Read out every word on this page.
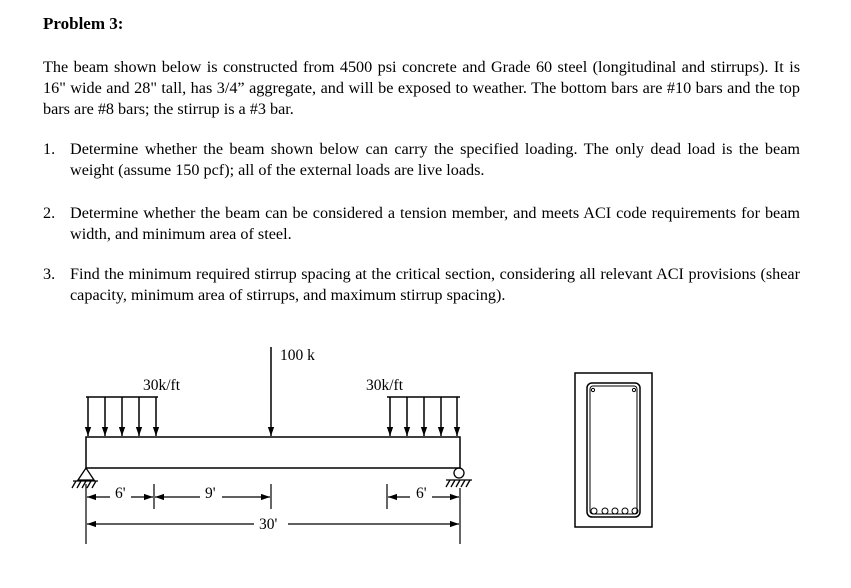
Problem 3:

The beam shown below is constructed from 4500 psi concrete and Grade 60 steel (longitudinal and stirrups). It is 16" wide and 28" tall, has 3/4” aggregate, and will be exposed to weather. The bottom bars are #10 bars and the top bars are #8 bars; the stirrup is a #3 bar.

1. Determine whether the beam shown below can carry the specified loading. The only dead load is the beam weight (assume 150 pcf); all of the external loads are live loads.
2. Determine whether the beam can be considered a tension member, and meets ACI code requirements for beam width, and minimum area of steel.
3. Find the minimum required stirrup spacing at the critical section, considering all relevant ACI provisions (shear capacity, minimum area of stirrups, and maximum stirrup spacing).
30k/ft	30k/ft
100 k
6'	9'	6'
30'
